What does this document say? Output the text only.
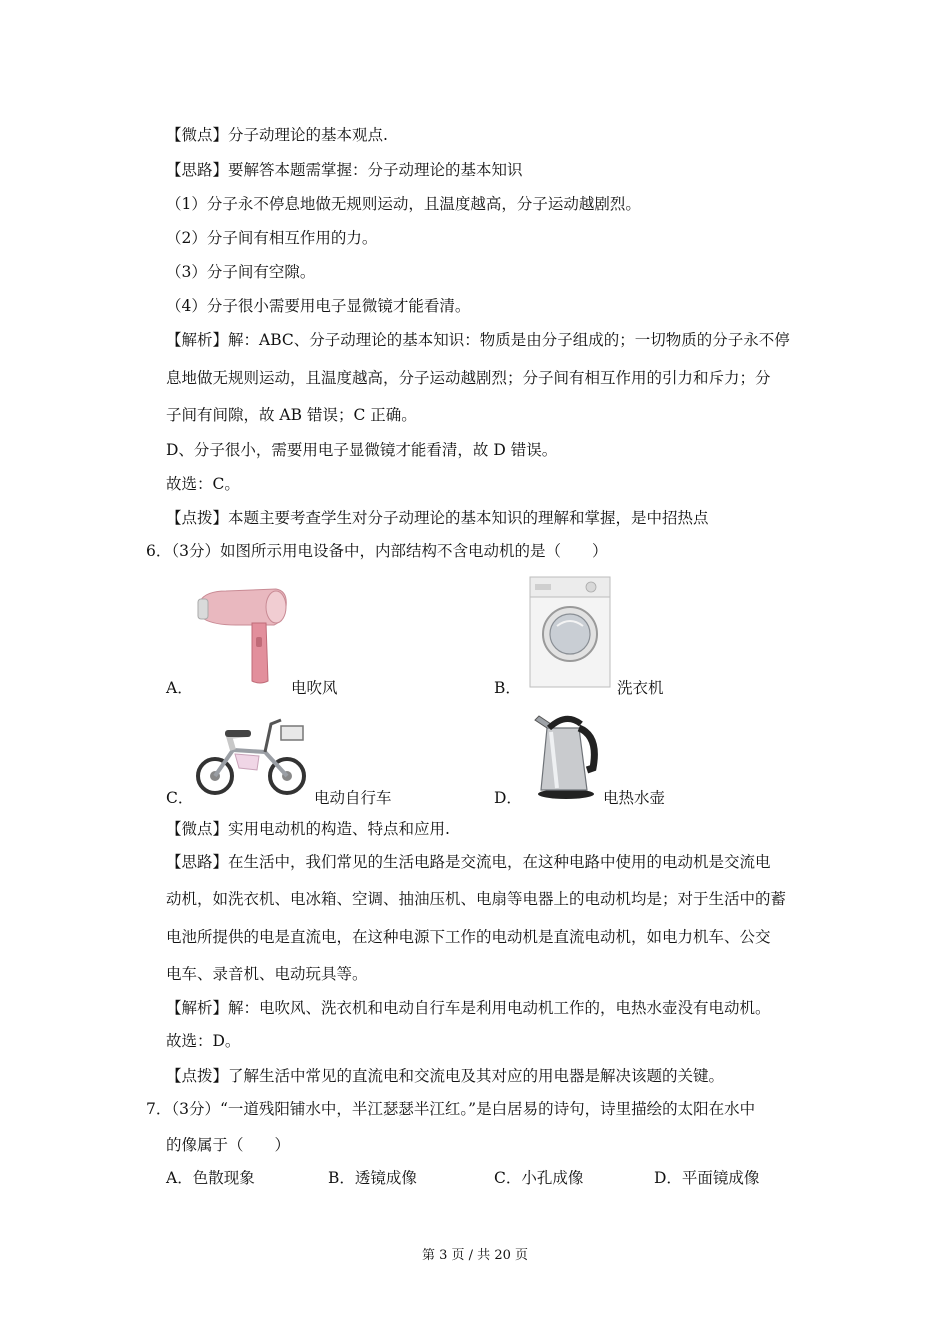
【微点】分子动理论的基本观点.
【思路】要解答本题需掌握：分子动理论的基本知识
（1）分子永不停息地做无规则运动，且温度越高，分子运动越剧烈。
（2）分子间有相互作用的力。
（3）分子间有空隙。
（4）分子很小需要用电子显微镜才能看清。
【解析】解：ABC、分子动理论的基本知识：物质是由分子组成的；一切物质的分子永不停
息地做无规则运动，且温度越高，分子运动越剧烈；分子间有相互作用的引力和斥力；分
子间有间隙，故 AB 错误；C 正确。
D、分子很小，需要用电子显微镜才能看清，故 D 错误。
故选：C。
【点拨】本题主要考查学生对分子动理论的基本知识的理解和掌握，是中招热点
6．（3分）如图所示用电设备中，内部结构不含电动机的是（　　）
A．	电吹风	B．	洗衣机
C．	电动自行车	D．	电热水壶
【微点】实用电动机的构造、特点和应用.
【思路】在生活中，我们常见的生活电路是交流电，在这种电路中使用的电动机是交流电
动机，如洗衣机、电冰箱、空调、抽油压机、电扇等电器上的电动机均是；对于生活中的蓄
电池所提供的电是直流电，在这种电源下工作的电动机是直流电动机，如电力机车、公交
电车、录音机、电动玩具等。
【解析】解：电吹风、洗衣机和电动自行车是利用电动机工作的，电热水壶没有电动机。
故选：D。
【点拨】了解生活中常见的直流电和交流电及其对应的用电器是解决该题的关键。
7．（3分）“一道残阳铺水中，半江瑟瑟半江红。”是白居易的诗句，诗里描绘的太阳在水中
的像属于（　　）
A．色散现象	B．透镜成像	C．小孔成像	D．平面镜成像
第 3 页 / 共 20 页
